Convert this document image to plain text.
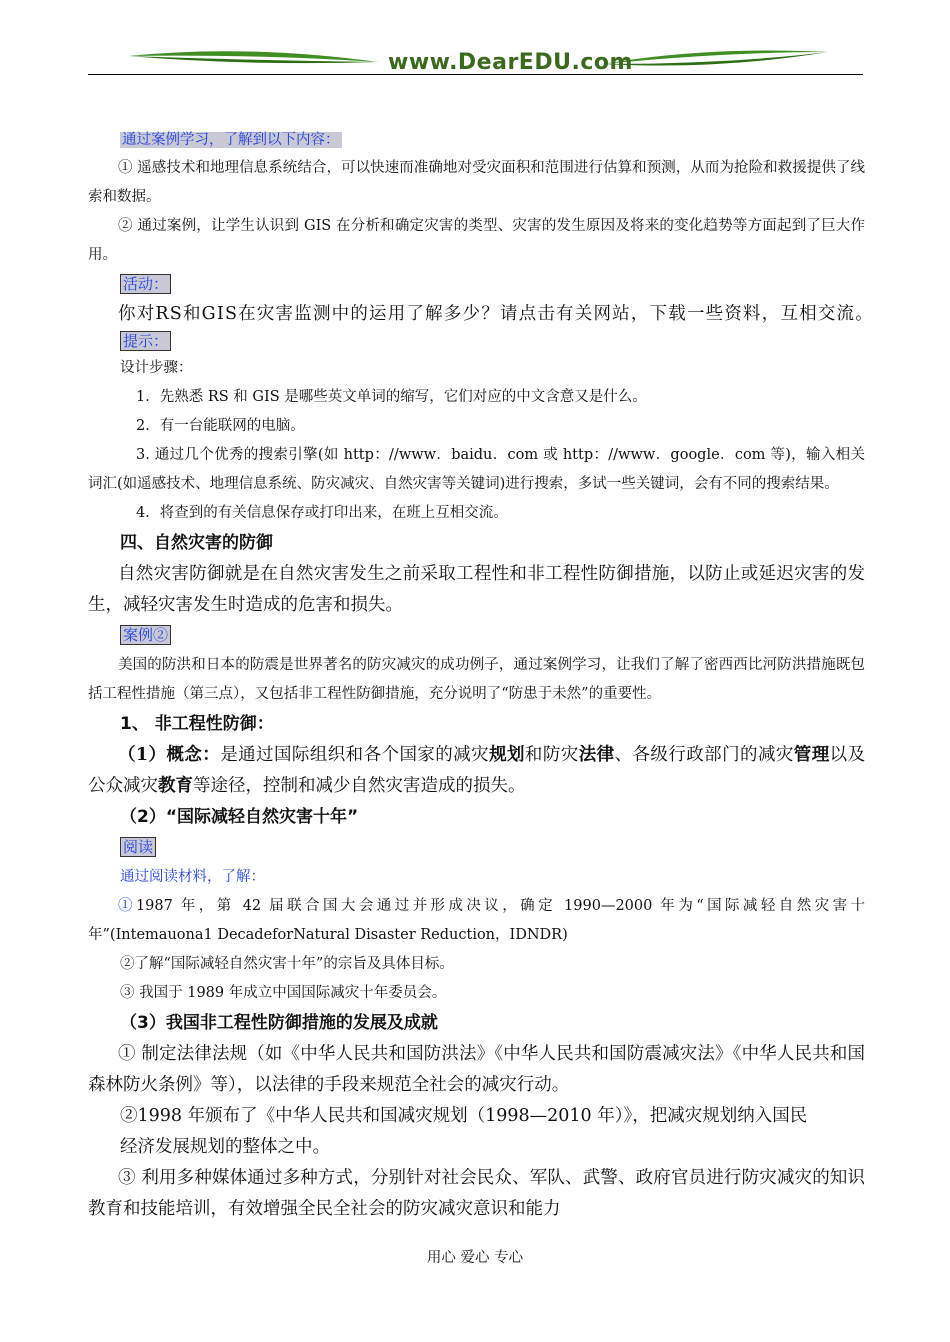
www.DearEDU.com

通过案例学习，了解到以下内容：

① 遥感技术和地理信息系统结合，可以快速而准确地对受灾面积和范围进行估算和预测，从而为抢险和救援提供了线索和数据。

② 通过案例，让学生认识到 GIS 在分析和确定灾害的类型、灾害的发生原因及将来的变化趋势等方面起到了巨大作用。

活动：

你对RS和GIS在灾害监测中的运用了解多少？请点击有关网站，下载一些资料，互相交流。

提示：

设计步骤：

1．先熟悉 RS 和 GIS 是哪些英文单词的缩写，它们对应的中文含意又是什么。

2．有一台能联网的电脑。

3. 通过几个优秀的搜索引擎(如 http：//www．baidu．com 或 http：//www．google．com 等)，输入相关词汇(如遥感技术、地理信息系统、防灾减灾、自然灾害等关键词)进行搜索，多试一些关键词，会有不同的搜索结果。

4．将查到的有关信息保存或打印出来，在班上互相交流。

四、自然灾害的防御

自然灾害防御就是在自然灾害发生之前采取工程性和非工程性防御措施，以防止或延迟灾害的发生，减轻灾害发生时造成的危害和损失。

案例②

美国的防洪和日本的防震是世界著名的防灾减灾的成功例子，通过案例学习，让我们了解了密西西比河防洪措施既包括工程性措施（第三点），又包括非工程性防御措施，充分说明了“防患于未然”的重要性。

1、 非工程性防御：

（1）概念：是通过国际组织和各个国家的减灾规划和防灾法律、各级行政部门的减灾管理以及公众减灾教育等途径，控制和减少自然灾害造成的损失。

（2）“国际减轻自然灾害十年”

阅读

通过阅读材料，了解：

①1987 年，第 42 届联合国大会通过并形成决议，确定 1990—2000 年为“国际减轻自然灾害十年”(Intemauona1 DecadeforNatural Disaster Reduction，IDNDR)

②了解“国际减轻自然灾害十年”的宗旨及具体目标。

③ 我国于 1989 年成立中国国际减灾十年委员会。

（3）我国非工程性防御措施的发展及成就

① 制定法律法规（如《中华人民共和国防洪法》《中华人民共和国防震减灾法》《中华人民共和国森林防火条例》等），以法律的手段来规范全社会的减灾行动。

②1998 年颁布了《中华人民共和国减灾规划（1998—2010 年）》，把减灾规划纳入国民

经济发展规划的整体之中。

③ 利用多种媒体通过多种方式，分别针对社会民众、军队、武警、政府官员进行防灾减灾的知识教育和技能培训，有效增强全民全社会的防灾减灾意识和能力

用心 爱心 专心
